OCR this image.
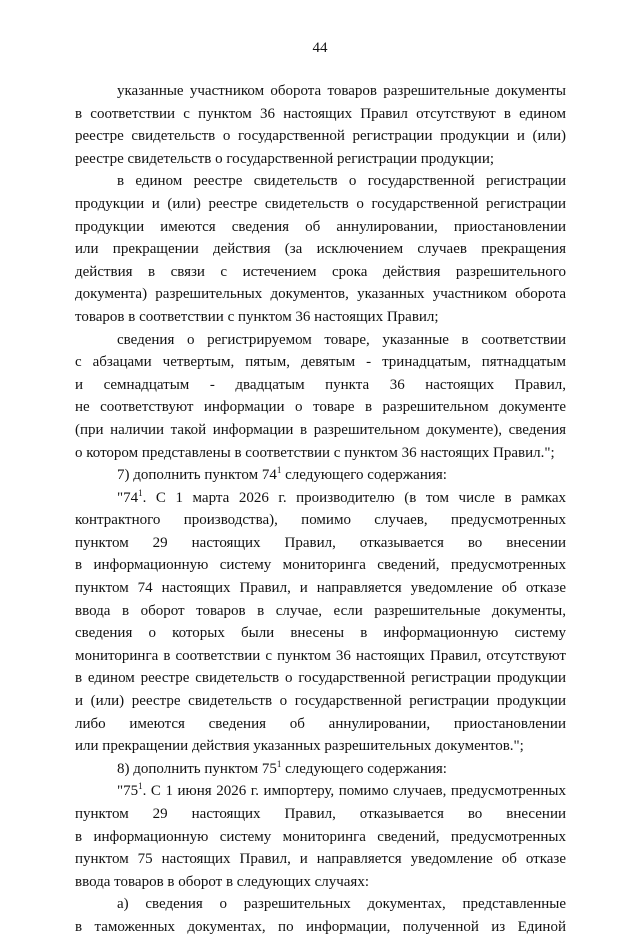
44
указанные участником оборота товаров разрешительные документы
в соответствии с пунктом 36 настоящих Правил отсутствуют в едином
реестре свидетельств о государственной регистрации продукции и (или)
реестре свидетельств о государственной регистрации продукции;
в едином реестре свидетельств о государственной регистрации
продукции и (или) реестре свидетельств о государственной регистрации
продукции имеются сведения об аннулировании, приостановлении
или прекращении действия (за исключением случаев прекращения
действия в связи с истечением срока действия разрешительного
документа) разрешительных документов, указанных участником оборота
товаров в соответствии с пунктом 36 настоящих Правил;
сведения о регистрируемом товаре, указанные в соответствии
с абзацами четвертым, пятым, девятым - тринадцатым, пятнадцатым
и семнадцатым - двадцатым пункта 36 настоящих Правил,
не соответствуют информации о товаре в разрешительном документе
(при наличии такой информации в разрешительном документе), сведения
о котором представлены в соответствии с пунктом 36 настоящих Правил.";
7) дополнить пунктом $74^1$ следующего содержания:
"$74^1$. С 1 марта 2026 г. производителю (в том числе в рамках
контрактного производства), помимо случаев, предусмотренных
пунктом 29 настоящих Правил, отказывается во внесении
в информационную систему мониторинга сведений, предусмотренных
пунктом 74 настоящих Правил, и направляется уведомление об отказе
ввода в оборот товаров в случае, если разрешительные документы,
сведения о которых были внесены в информационную систему
мониторинга в соответствии с пунктом 36 настоящих Правил, отсутствуют
в едином реестре свидетельств о государственной регистрации продукции
и (или) реестре свидетельств о государственной регистрации продукции
либо имеются сведения об аннулировании, приостановлении
или прекращении действия указанных разрешительных документов.";
8) дополнить пунктом $75^1$ следующего содержания:
"$75^1$. С 1 июня 2026 г. импортеру, помимо случаев, предусмотренных
пунктом 29 настоящих Правил, отказывается во внесении
в информационную систему мониторинга сведений, предусмотренных
пунктом 75 настоящих Правил, и направляется уведомление об отказе
ввода товаров в оборот в следующих случаях:
а) сведения о разрешительных документах, представленные
в таможенных документах, по информации, полученной из Единой
